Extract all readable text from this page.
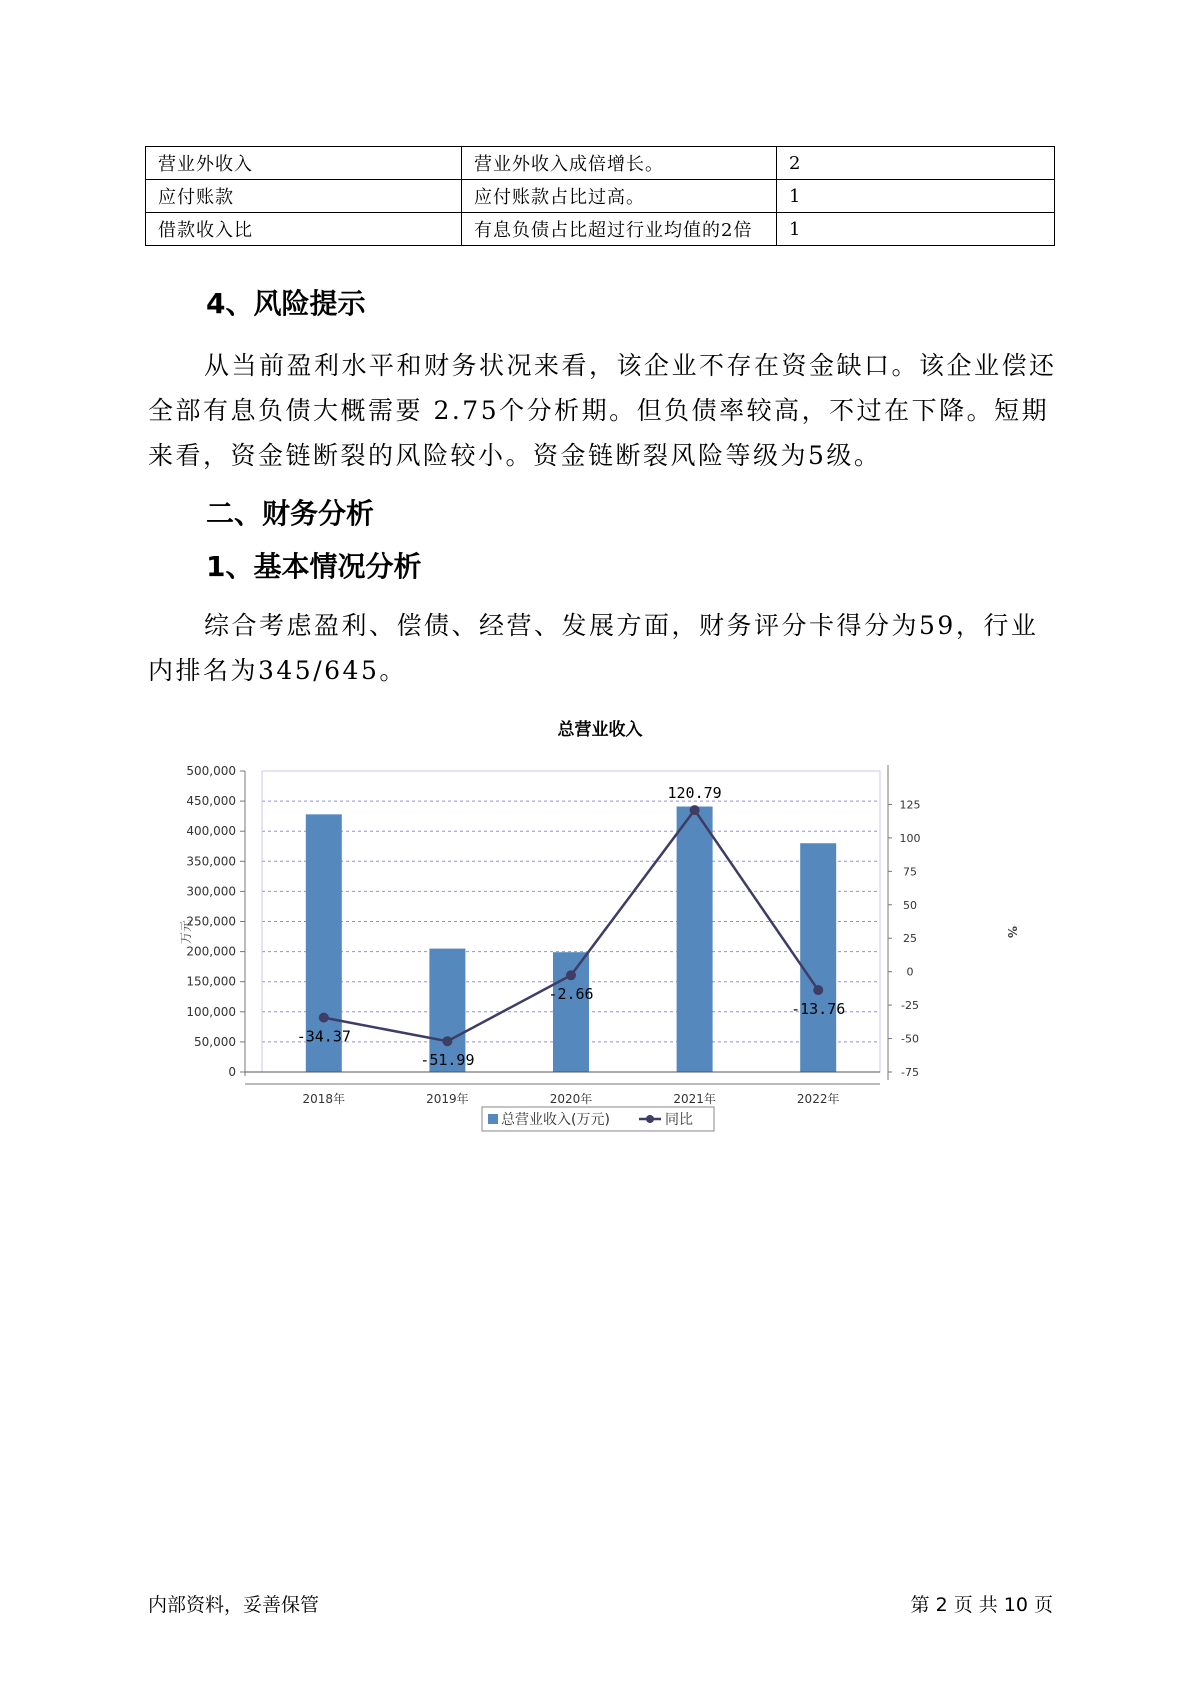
营业外收入	营业外收入成倍增长。	2
应付账款	应付账款占比过高。	1
借款收入比	有息负债占比超过行业均值的2倍	1
4、风险提示

从当前盈利水平和财务状况来看，该企业不存在资金缺口。该企业偿还全部有息负债大概需要 2.75个分析期。但负债率较高，不过在下降。短期来看，资金链断裂的风险较小。资金链断裂风险等级为5级。

二、财务分析
1、基本情况分析

综合考虑盈利、偿债、经营、发展方面，财务评分卡得分为59，行业内排名为345/645。

总营业收入
0
50,000
100,000
150,000
200,000
250,000
300,000
350,000
400,000
450,000
500,000
-75
-50
-25
0
25
50
75
100
125
2018年	2019年	2020年	2021年	2022年
-34.37
-51.99
-2.66
120.79
-13.76
万元	%
总营业收入(万元)	同比
内部资料，妥善保管	第 2 页 共 10 页
